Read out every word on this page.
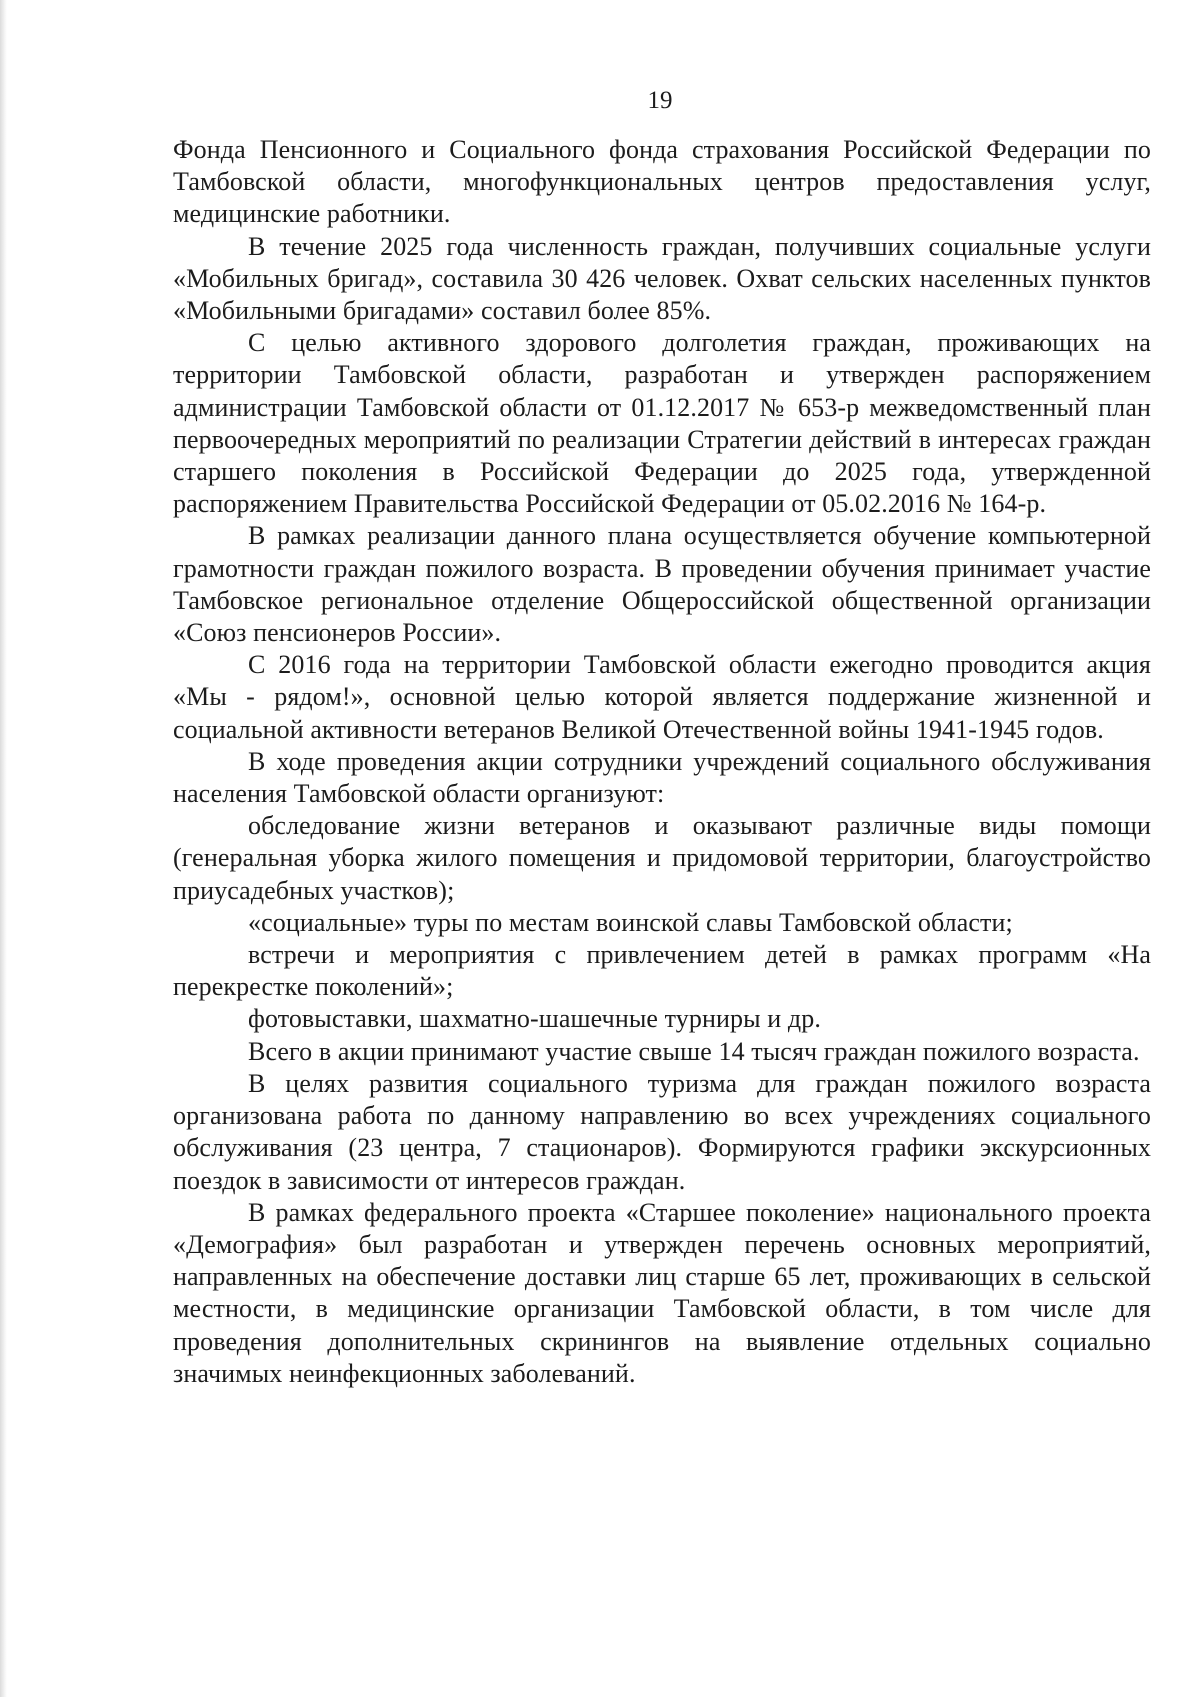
19

Фонда Пенсионного и Социального фонда страхования Российской Федерации по Тамбовской области, многофункциональных центров предоставления услуг, медицинские работники.

В течение 2025 года численность граждан, получивших социальные услуги «Мобильных бригад», составила 30 426 человек. Охват сельских населенных пунктов «Мобильными бригадами» составил более 85%.

С целью активного здорового долголетия граждан, проживающих на территории Тамбовской области, разработан и утвержден распоряжением администрации Тамбовской области от 01.12.2017 № 653-р межведомственный план первоочередных мероприятий по реализации Стратегии действий в интересах граждан старшего поколения в Российской Федерации до 2025 года, утвержденной распоряжением Правительства Российской Федерации от 05.02.2016 № 164-р.

В рамках реализации данного плана осуществляется обучение компьютерной грамотности граждан пожилого возраста. В проведении обучения принимает участие Тамбовское региональное отделение Общероссийской общественной организации «Союз пенсионеров России».

С 2016 года на территории Тамбовской области ежегодно проводится акция «Мы - рядом!», основной целью которой является поддержание жизненной и социальной активности ветеранов Великой Отечественной войны 1941-1945 годов.

В ходе проведения акции сотрудники учреждений социального обслуживания населения Тамбовской области организуют:

обследование жизни ветеранов и оказывают различные виды помощи (генеральная уборка жилого помещения и придомовой территории, благоустройство приусадебных участков);

«социальные» туры по местам воинской славы Тамбовской области;

встречи и мероприятия с привлечением детей в рамках программ «На перекрестке поколений»;

фотовыставки, шахматно-шашечные турниры и др.

Всего в акции принимают участие свыше 14 тысяч граждан пожилого возраста.

В целях развития социального туризма для граждан пожилого возраста организована работа по данному направлению во всех учреждениях социального обслуживания (23 центра, 7 стационаров). Формируются графики экскурсионных поездок в зависимости от интересов граждан.

В рамках федерального проекта «Старшее поколение» национального проекта «Демография» был разработан и утвержден перечень основных мероприятий, направленных на обеспечение доставки лиц старше 65 лет, проживающих в сельской местности, в медицинские организации Тамбовской области, в том числе для проведения дополнительных скринингов на выявление отдельных социально значимых неинфекционных заболеваний.
